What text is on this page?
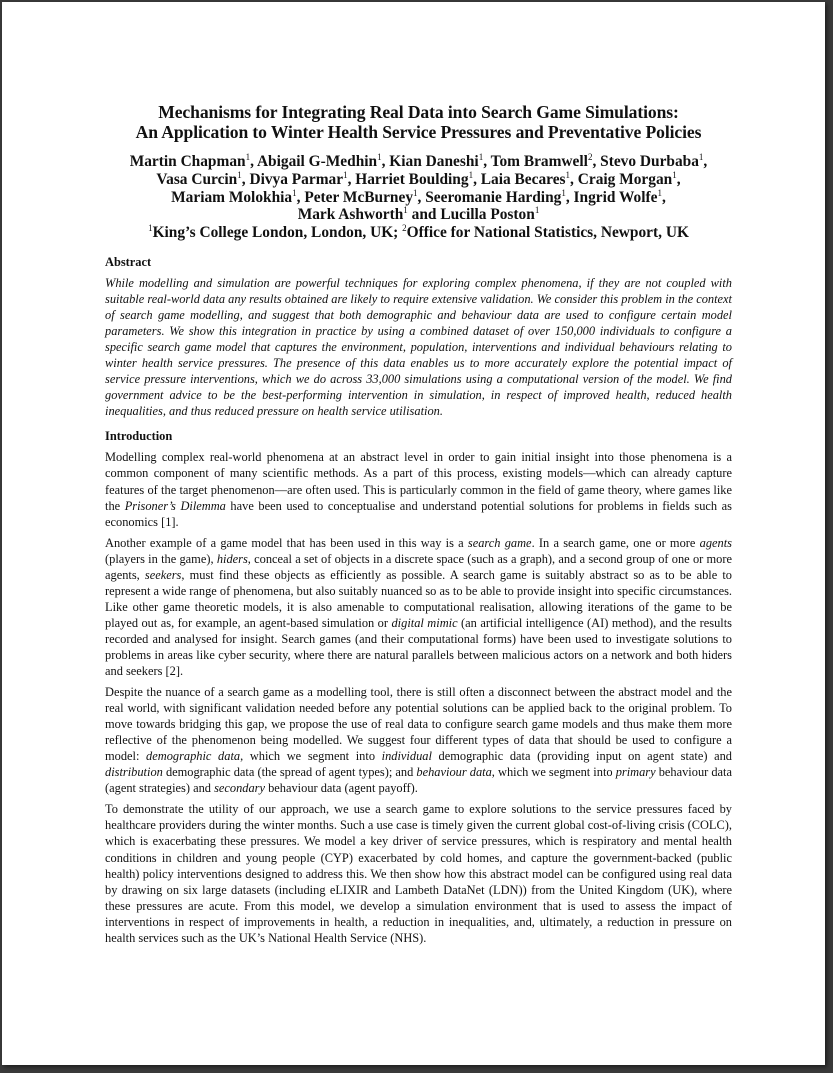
Mechanisms for Integrating Real Data into Search Game Simulations:
An Application to Winter Health Service Pressures and Preventative Policies
Martin Chapman$^1$, Abigail G-Medhin$^1$, Kian Daneshi$^1$, Tom Bramwell$^2$, Stevo Durbaba$^1$,
Vasa Curcin$^1$, Divya Parmar$^1$, Harriet Boulding$^1$, Laia Becares$^1$, Craig Morgan$^1$,
Mariam Molokhia$^1$, Peter McBurney$^1$, Seeromanie Harding$^1$, Ingrid Wolfe$^1$,
Mark Ashworth$^1$ and Lucilla Poston$^1$
$^1$King’s College London, London, UK; $^2$Office for National Statistics, Newport, UK
Abstract

While modelling and simulation are powerful techniques for exploring complex phenomena, if they are not coupled with suitable real-world data any results obtained are likely to require extensive validation. We consider this problem in the context of search game modelling, and suggest that both demographic and behaviour data are used to configure certain model parameters. We show this integration in practice by using a combined dataset of over 150,000 individuals to configure a specific search game model that captures the environment, population, interventions and individual behaviours relating to winter health service pressures. The presence of this data enables us to more accurately explore the potential impact of service pressure interventions, which we do across 33,000 simulations using a computational version of the model. We find government advice to be the best-performing intervention in simulation, in respect of improved health, reduced health inequalities, and thus reduced pressure on health service utilisation.

Introduction

Modelling complex real-world phenomena at an abstract level in order to gain initial insight into those phenomena is a common component of many scientific methods. As a part of this process, existing models—which can already capture features of the target phenomenon—are often used. This is particularly common in the field of game theory, where games like the Prisoner’s Dilemma have been used to conceptualise and understand potential solutions for problems in fields such as economics [1].

Another example of a game model that has been used in this way is a search game. In a search game, one or more agents (players in the game), hiders, conceal a set of objects in a discrete space (such as a graph), and a second group of one or more agents, seekers, must find these objects as efficiently as possible. A search game is suitably abstract so as to be able to represent a wide range of phenomena, but also suitably nuanced so as to be able to provide insight into specific circumstances. Like other game theoretic models, it is also amenable to computational realisation, allowing iterations of the game to be played out as, for example, an agent-based simulation or digital mimic (an artificial intelligence (AI) method), and the results recorded and analysed for insight. Search games (and their computational forms) have been used to investigate solutions to problems in areas like cyber security, where there are natural parallels between malicious actors on a network and both hiders and seekers [2].

Despite the nuance of a search game as a modelling tool, there is still often a disconnect between the abstract model and the real world, with significant validation needed before any potential solutions can be applied back to the original problem. To move towards bridging this gap, we propose the use of real data to configure search game models and thus make them more reflective of the phenomenon being modelled. We suggest four different types of data that should be used to configure a model: demographic data, which we segment into individual demographic data (providing input on agent state) and distribution demographic data (the spread of agent types); and behaviour data, which we segment into primary behaviour data (agent strategies) and secondary behaviour data (agent payoff).

To demonstrate the utility of our approach, we use a search game to explore solutions to the service pressures faced by healthcare providers during the winter months. Such a use case is timely given the current global cost-of-living crisis (COLC), which is exacerbating these pressures. We model a key driver of service pressures, which is respiratory and mental health conditions in children and young people (CYP) exacerbated by cold homes, and capture the government-backed (public health) policy interventions designed to address this. We then show how this abstract model can be configured using real data by drawing on six large datasets (including eLIXIR and Lambeth DataNet (LDN)) from the United Kingdom (UK), where these pressures are acute. From this model, we develop a simulation environment that is used to assess the impact of interventions in respect of improvements in health, a reduction in inequalities, and, ultimately, a reduction in pressure on health services such as the UK’s National Health Service (NHS).
